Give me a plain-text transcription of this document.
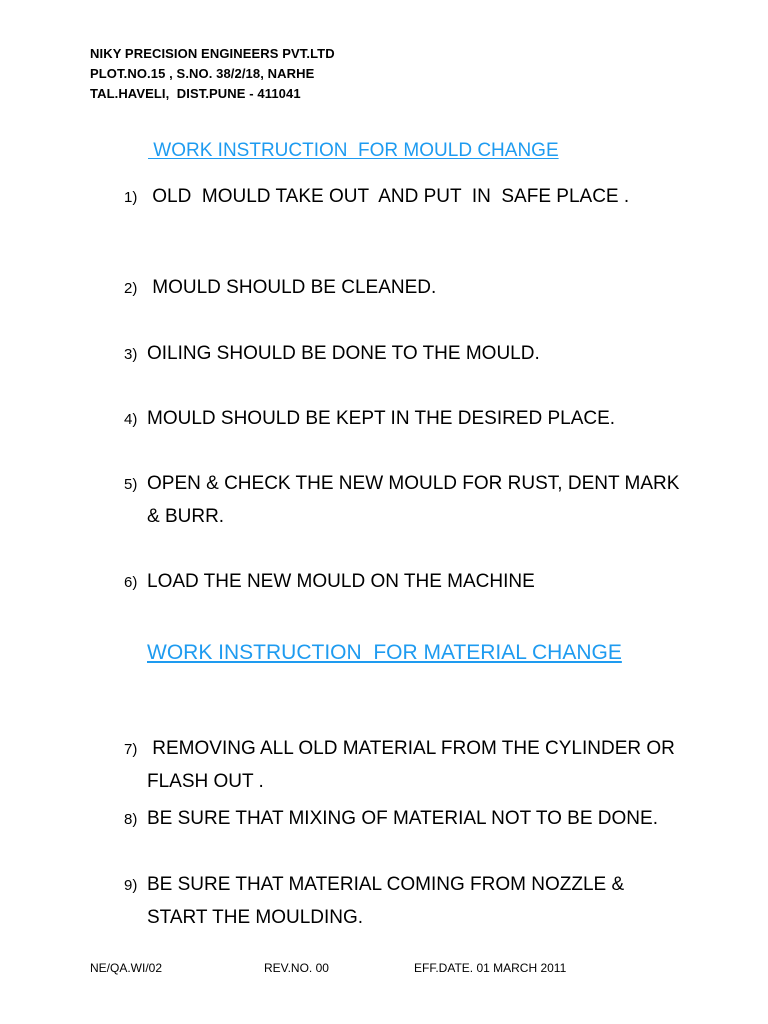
NIKY PRECISION ENGINEERS PVT.LTD
PLOT.NO.15 , S.NO. 38/2/18, NARHE
TAL.HAVELI,  DIST.PUNE - 411041
WORK INSTRUCTION  FOR MOULD CHANGE
1) OLD  MOULD TAKE OUT  AND PUT  IN  SAFE PLACE .
2) MOULD SHOULD BE CLEANED.
3) OILING SHOULD BE DONE TO THE MOULD.
4) MOULD SHOULD BE KEPT IN THE DESIRED PLACE.
5) OPEN & CHECK THE NEW MOULD FOR RUST, DENT MARK & BURR.
6) LOAD THE NEW MOULD ON THE MACHINE
WORK INSTRUCTION  FOR MATERIAL CHANGE
7) REMOVING ALL OLD MATERIAL FROM THE CYLINDER OR FLASH OUT .
8) BE SURE THAT MIXING OF MATERIAL NOT TO BE DONE.
9) BE SURE THAT MATERIAL COMING FROM NOZZLE & START THE MOULDING.
NE/QA.WI/02	REV.NO. 00	EFF.DATE. 01 MARCH 2011
